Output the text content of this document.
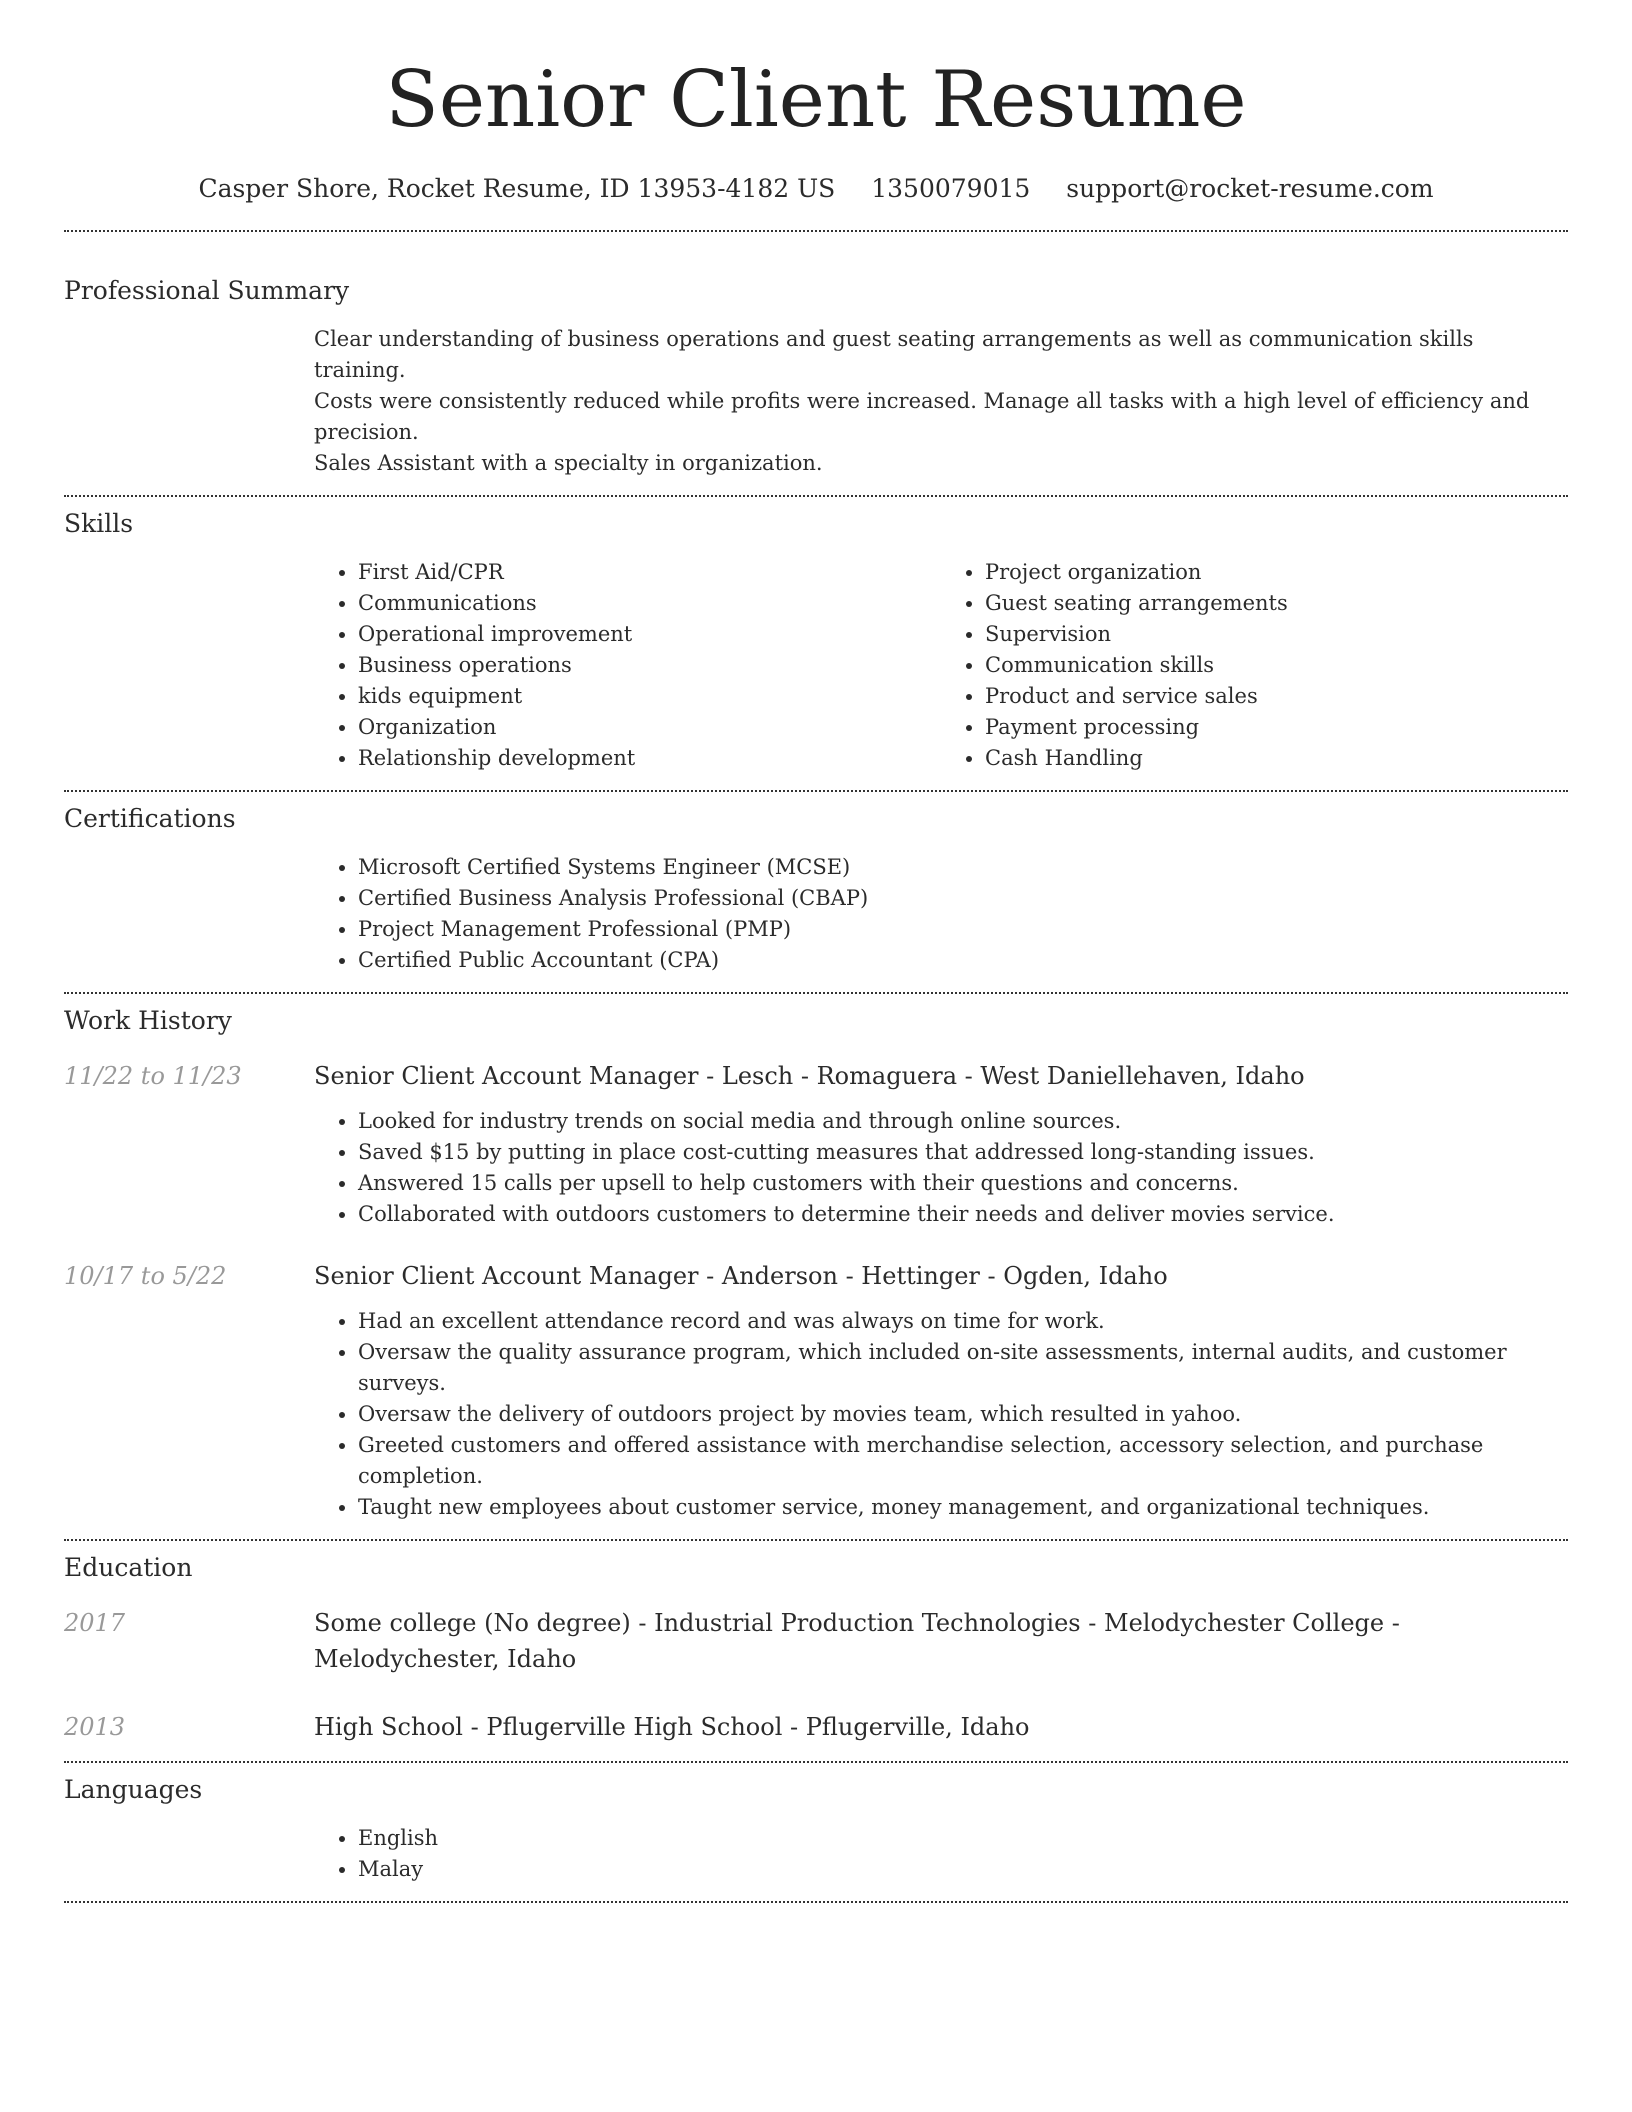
Senior Client Resume
Casper Shore, Rocket Resume, ID 13953-4182 US 1350079015 support@rocket-resume.com
Professional Summary
Clear understanding of business operations and guest seating arrangements as well as communication skills training.
Costs were consistently reduced while profits were increased. Manage all tasks with a high level of efficiency and precision.
Sales Assistant with a specialty in organization.
Skills
• First Aid/CPR
• Communications
• Operational improvement
• Business operations
• kids equipment
• Organization
• Relationship development
• Project organization
• Guest seating arrangements
• Supervision
• Communication skills
• Product and service sales
• Payment processing
• Cash Handling
Certifications
• Microsoft Certified Systems Engineer (MCSE)
• Certified Business Analysis Professional (CBAP)
• Project Management Professional (PMP)
• Certified Public Accountant (CPA)
Work History
11/22 to 11/23	Senior Client Account Manager - Lesch - Romaguera - West Daniellehaven, Idaho
• Looked for industry trends on social media and through online sources.
• Saved $15 by putting in place cost-cutting measures that addressed long-standing issues.
• Answered 15 calls per upsell to help customers with their questions and concerns.
• Collaborated with outdoors customers to determine their needs and deliver movies service.
10/17 to 5/22	Senior Client Account Manager - Anderson - Hettinger - Ogden, Idaho
• Had an excellent attendance record and was always on time for work.
• Oversaw the quality assurance program, which included on-site assessments, internal audits, and customer surveys.
• Oversaw the delivery of outdoors project by movies team, which resulted in yahoo.
• Greeted customers and offered assistance with merchandise selection, accessory selection, and purchase completion.
• Taught new employees about customer service, money management, and organizational techniques.
Education
2017	Some college (No degree) - Industrial Production Technologies - Melodychester College - Melodychester, Idaho
2013	High School - Pflugerville High School - Pflugerville, Idaho
Languages
• English
• Malay
